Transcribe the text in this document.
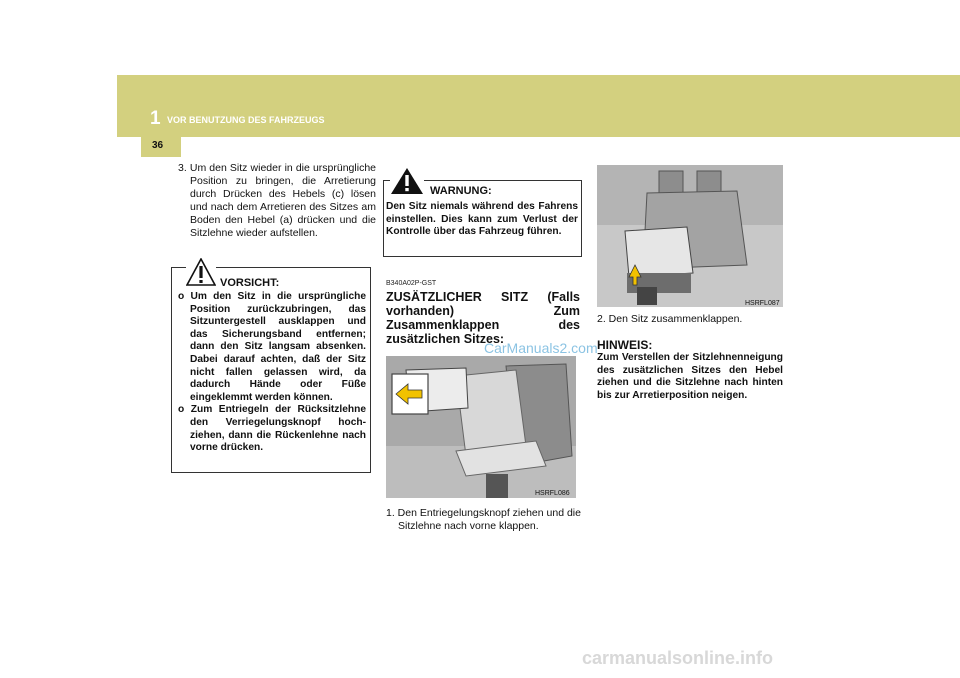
1 VOR BENUTZUNG DES FAHRZEUGS
36
3. Um den Sitz wieder in die ursprüngliche Position zu bringen, die Arretierung durch Drücken des Hebels (c) lösen und nach dem Arretieren des Sitzes am Boden den Hebel (a) drücken und die Sitzlehne wieder aufstellen.
VORSICHT:
o Um den Sitz in die ursprüngliche Position zurückzubringen, das Sitzuntergestell ausklappen und das Sicherungsband entfernen; dann den Sitz langsam absenken. Dabei darauf achten, daß der Sitz nicht fallen gelassen wird, da dadurch Hände oder Füße eingeklemmt werden können.
o Zum Entriegeln der Rücksitzlehne den Verriegelungsknopf hoch-ziehen, dann die Rückenlehne nach vorne drücken.
WARNUNG:
Den Sitz niemals während des Fahrens einstellen. Dies kann zum Verlust der Kontrolle über das Fahrzeug führen.
B340A02P-GST
ZUSÄTZLICHER SITZ (Falls vorhanden) Zum Zusammenklappen des zusätzlichen Sitzes:
HSRFL086
CarManuals2.com
1. Den Entriegelungsknopf ziehen und die Sitzlehne nach vorne klappen.
HSRFL087
2. Den Sitz zusammenklappen.
HINWEIS:
Zum Verstellen der Sitzlehnenneigung des zusätzlichen Sitzes den Hebel ziehen und die Sitzlehne nach hinten bis zur Arretierposition neigen.
carmanualsonline.info
